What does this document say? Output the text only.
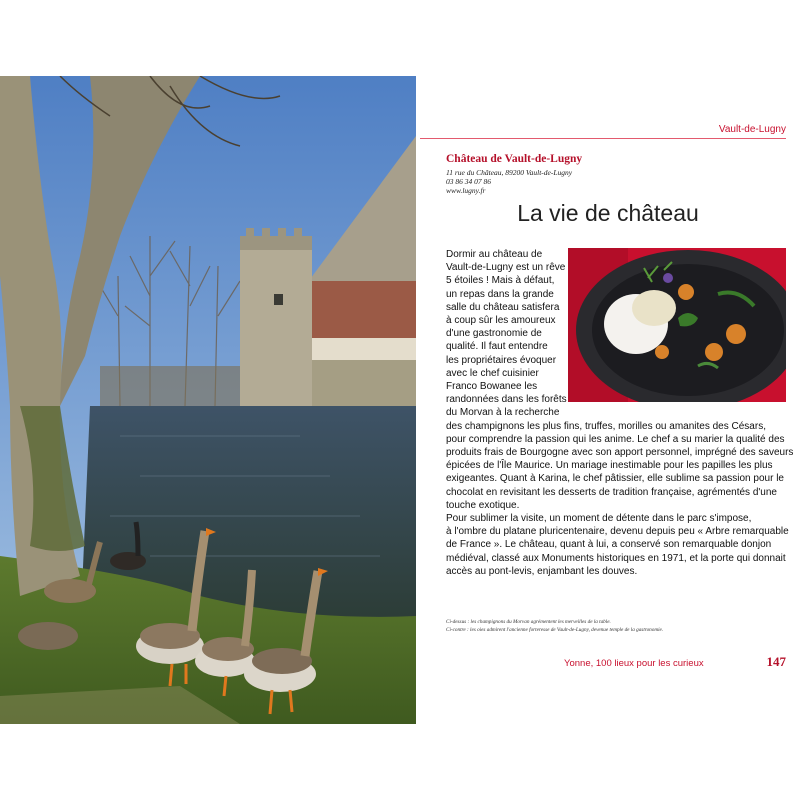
Vault-de-Lugny
Château de Vault-de-Lugny
11 rue du Château, 89200 Vault-de-Lugny
03 86 34 07 86
www.lugny.fr
La vie de château

Dormir au château de
Vault-de-Lugny est un rêve
5 étoiles ! Mais à défaut,
un repas dans la grande
salle du château satisfera
à coup sûr les amoureux
d'une gastronomie de
qualité. Il faut entendre
les propriétaires évoquer
avec le chef cuisinier
Franco Bowanee les
randonnées dans les forêts
du Morvan à la recherche
des champignons les plus fins, truffes, morilles ou amanites des Césars,
pour comprendre la passion qui les anime. Le chef a su marier la qualité des
produits frais de Bourgogne avec son apport personnel, imprégné des saveurs
épicées de l'Île Maurice. Un mariage inestimable pour les papilles les plus
exigeantes. Quant à Karina, le chef pâtissier, elle sublime sa passion pour le
chocolat en revisitant les desserts de tradition française, agrémentés d'une
touche exotique.

Pour sublimer la visite, un moment de détente dans le parc s'impose,
à l'ombre du platane pluricentenaire, devenu depuis peu « Arbre remarquable
de France ». Le château, quant à lui, a conservé son remarquable donjon
médiéval, classé aux Monuments historiques en 1971, et la porte qui donnait
accès au pont-levis, enjambant les douves.

Ci-dessus : les champignons du Morvan agrémentent les merveilles de la table.
Ci-contre : les oies admirent l'ancienne forteresse de Vault-de-Lugny, devenue temple de la gastronomie.
Yonne, 100 lieux pour les curieux	147
